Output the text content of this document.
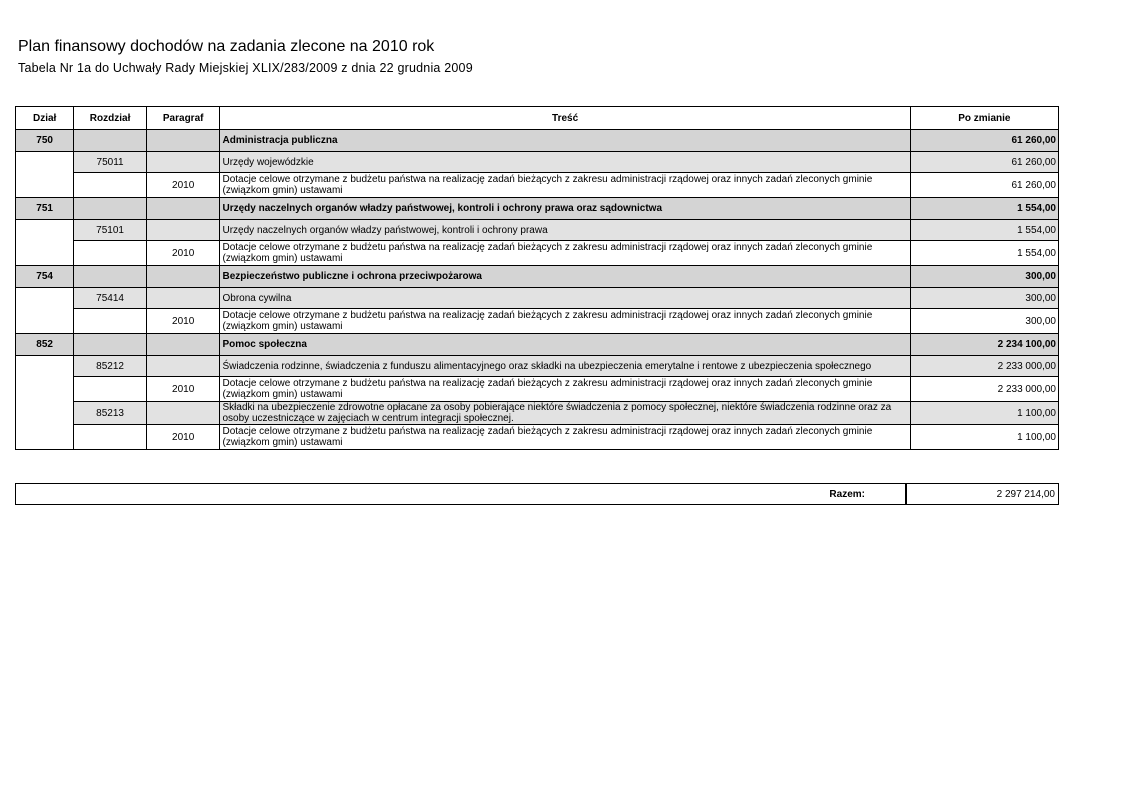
Plan finansowy dochodów na zadania zlecone na 2010 rok

Tabela Nr 1a do Uchwały Rady Miejskiej XLIX/283/2009 z dnia 22 grudnia 2009

Dział	Rozdział	Paragraf	Treść	Po zmianie
750			Administracja publiczna	61 260,00
	75011		Urzędy wojewódzkie	61 260,00
		2010	Dotacje celowe otrzymane z budżetu państwa na realizację zadań bieżących z zakresu administracji rządowej oraz innych zadań zleconych gminie (związkom gmin) ustawami	61 260,00
751			Urzędy naczelnych organów władzy państwowej, kontroli i ochrony prawa oraz sądownictwa	1 554,00
	75101		Urzędy naczelnych organów władzy państwowej, kontroli i ochrony prawa	1 554,00
		2010	Dotacje celowe otrzymane z budżetu państwa na realizację zadań bieżących z zakresu administracji rządowej oraz innych zadań zleconych gminie (związkom gmin) ustawami	1 554,00
754			Bezpieczeństwo publiczne i ochrona przeciwpożarowa	300,00
	75414		Obrona cywilna	300,00
		2010	Dotacje celowe otrzymane z budżetu państwa na realizację zadań bieżących z zakresu administracji rządowej oraz innych zadań zleconych gminie (związkom gmin) ustawami	300,00
852			Pomoc społeczna	2 234 100,00
	85212		Świadczenia rodzinne, świadczenia z funduszu alimentacyjnego oraz składki na ubezpieczenia emerytalne i rentowe z ubezpieczenia społecznego	2 233 000,00
		2010	Dotacje celowe otrzymane z budżetu państwa na realizację zadań bieżących z zakresu administracji rządowej oraz innych zadań zleconych gminie (związkom gmin) ustawami	2 233 000,00
	85213		Składki na ubezpieczenie zdrowotne opłacane za osoby pobierające niektóre świadczenia z pomocy społecznej, niektóre świadczenia rodzinne oraz za osoby uczestniczące w zajęciach w centrum integracji społecznej.	1 100,00
		2010	Dotacje celowe otrzymane z budżetu państwa na realizację zadań bieżących z zakresu administracji rządowej oraz innych zadań zleconych gminie (związkom gmin) ustawami	1 100,00
Razem:	2 297 214,00
